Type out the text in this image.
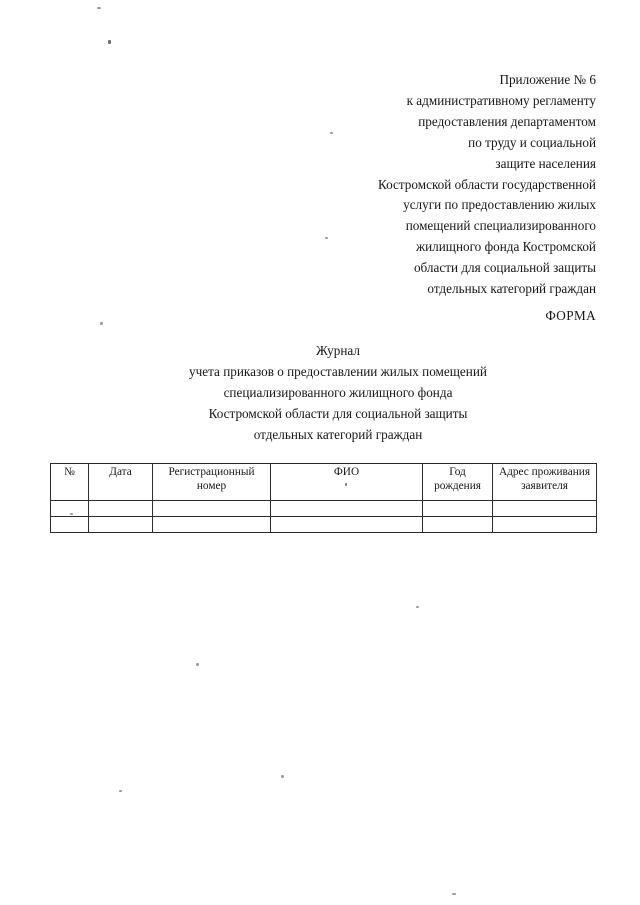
Приложение № 6
к административному регламенту
предоставления департаментом
по труду и социальной
защите населения
Костромской области государственной
услуги по предоставлению жилых
помещений специализированного
жилищного фонда Костромской
области для социальной защиты
отдельных категорий граждан
ФОРМА
Журнал
учета приказов о предоставлении жилых помещений
специализированного жилищного фонда
Костромской области для социальной защиты
отдельных категорий граждан
№	Дата	Регистрационный номер	ФИО	Год рождения	Адрес проживания заявителя
